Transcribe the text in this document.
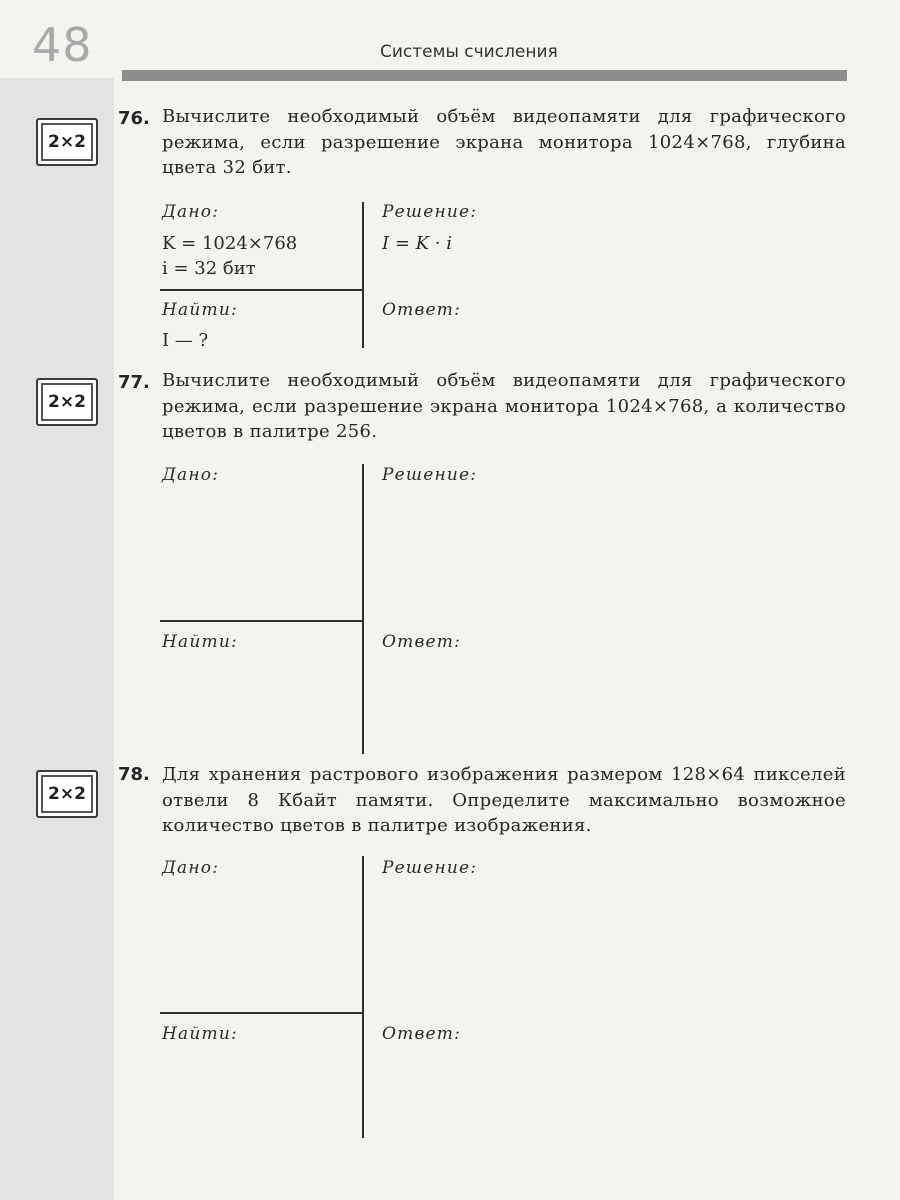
48	Системы счисления
2×2
76. Вычислите необходимый объём видеопамяти для графического режима, если разрешение экрана монитора 1024×768, глубина цвета 32 бит.
Дано:
K = 1024×768
i = 32 бит
Найти:
I — ?
Решение:
I = K · i
Ответ:
2×2
77. Вычислите необходимый объём видеопамяти для графического режима, если разрешение экрана монитора 1024×768, а количество цветов в палитре 256.
Дано:
Найти:
Решение:
Ответ:
2×2
78. Для хранения растрового изображения размером 128×64 пикселей отвели 8 Кбайт памяти. Определите максимально возможное количество цветов в палитре изображения.
Дано:
Найти:
Решение:
Ответ:
